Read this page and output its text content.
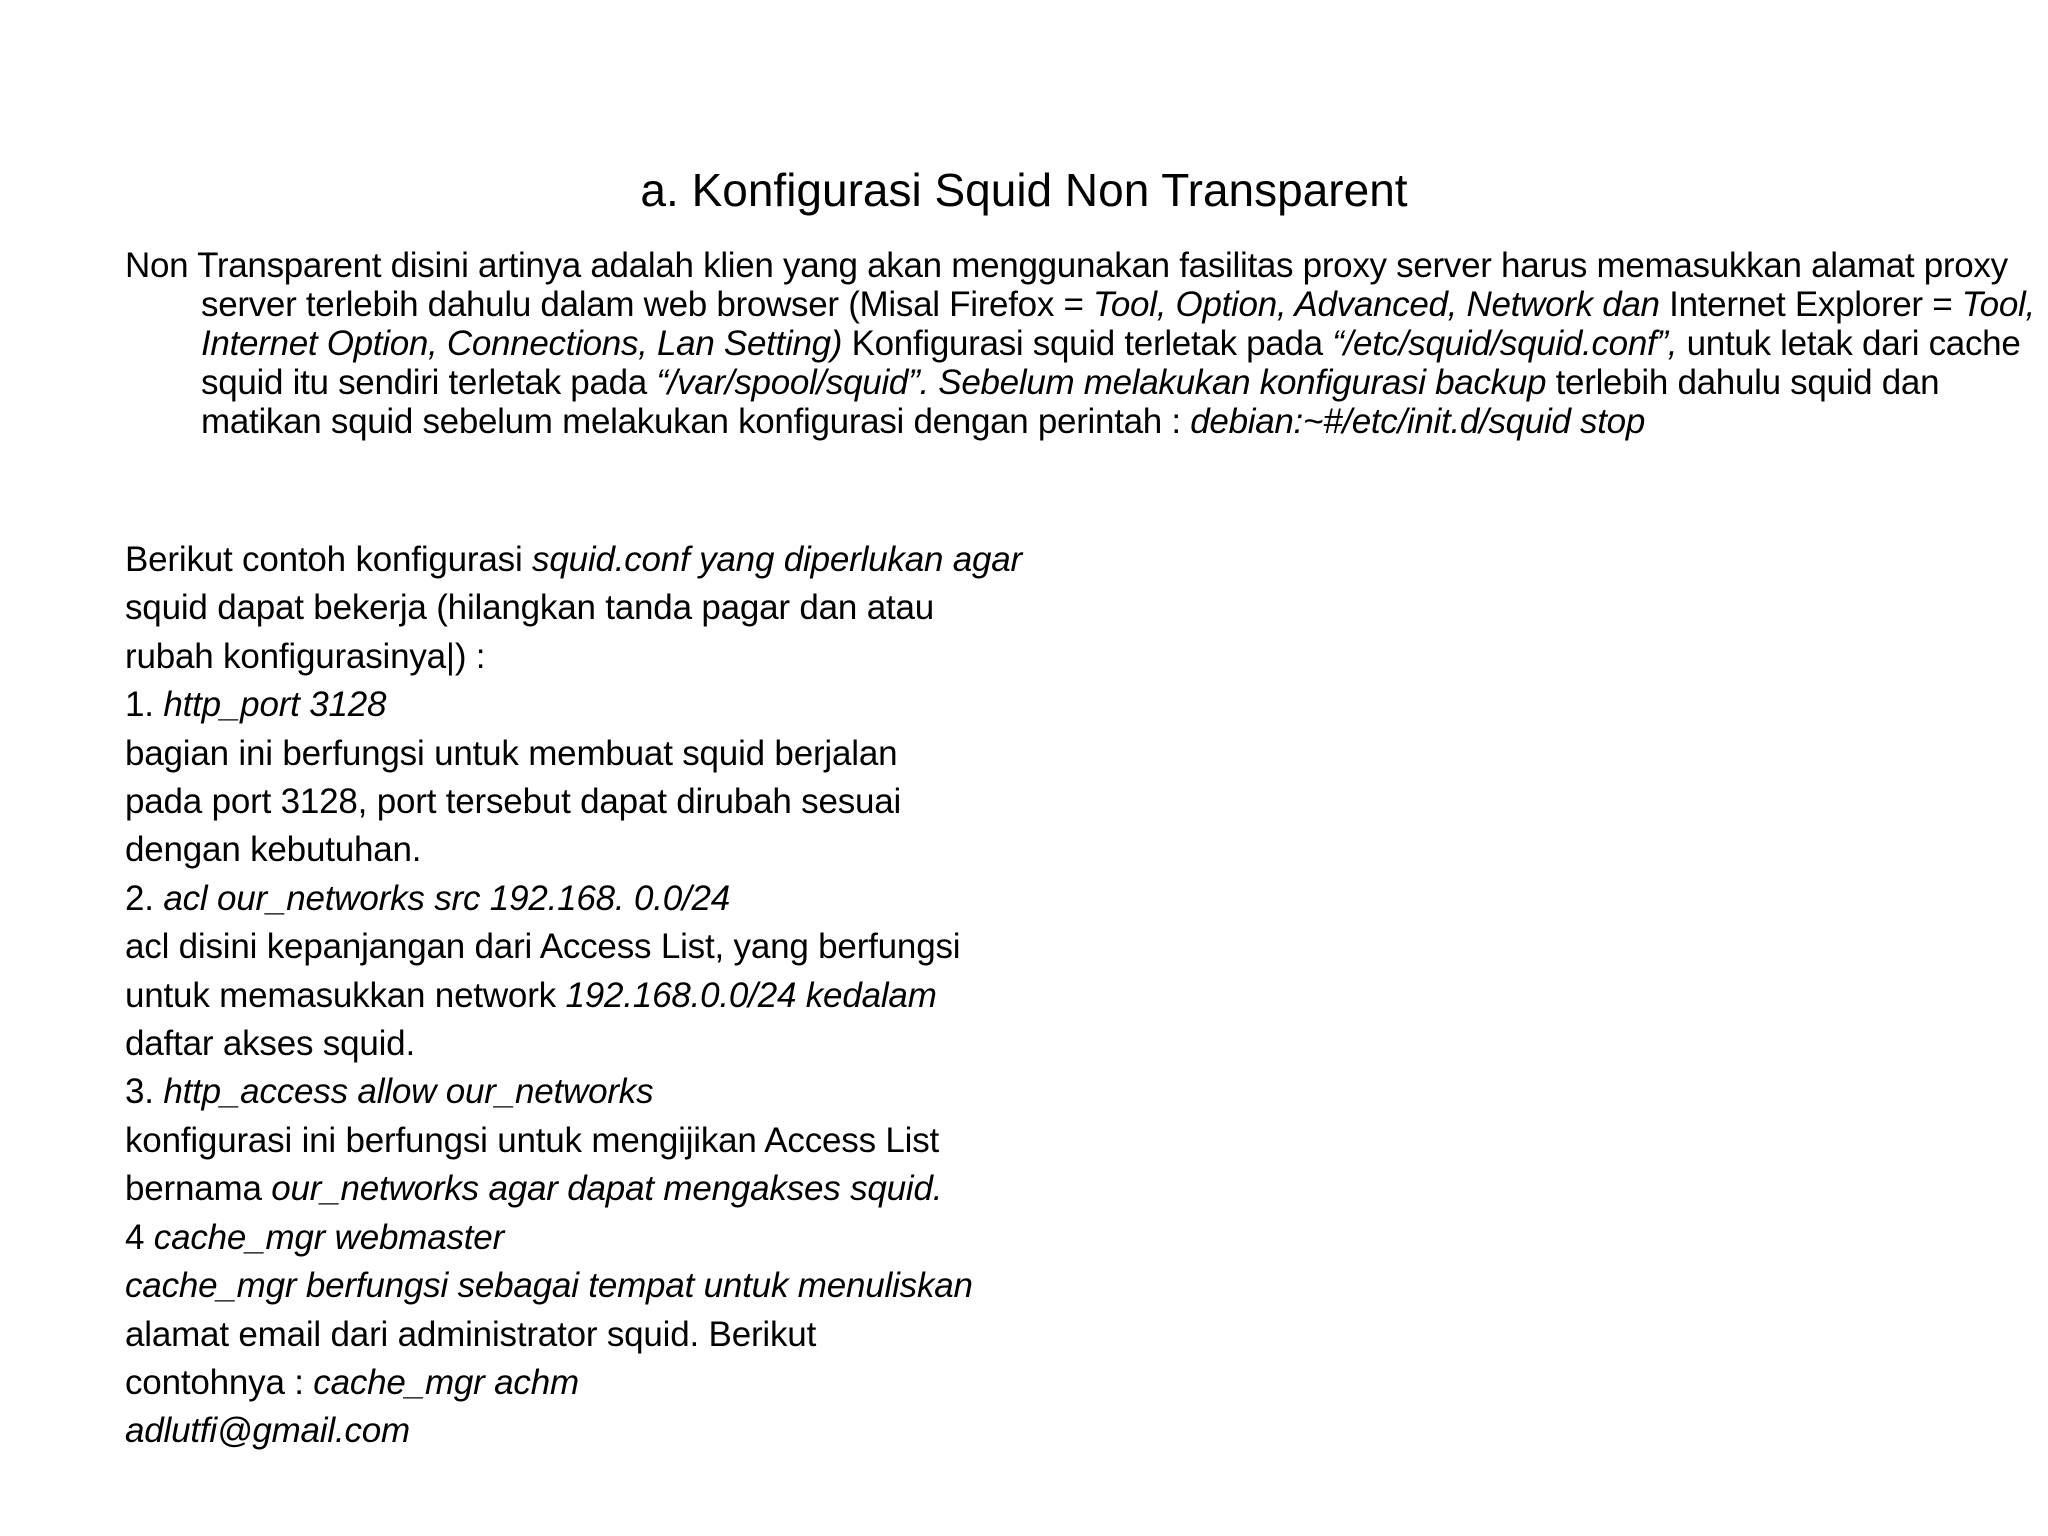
a. Konfigurasi Squid Non Transparent

Non Transparent disini artinya adalah klien yang akan menggunakan fasilitas proxy server harus memasukkan alamat proxy server terlebih dahulu dalam web browser (Misal Firefox = Tool, Option, Advanced, Network dan Internet Explorer = Tool, Internet Option, Connections, Lan Setting) Konfigurasi squid terletak pada “/etc/squid/squid.conf”, untuk letak dari cache squid itu sendiri terletak pada “/var/spool/squid”. Sebelum melakukan konfigurasi backup terlebih dahulu squid dan matikan squid sebelum melakukan konfigurasi dengan perintah : debian:~#/etc/init.d/squid stop

Berikut contoh konfigurasi squid.conf yang diperlukan agar
squid dapat bekerja (hilangkan tanda pagar dan atau
rubah konfigurasinya|) :
1. http_port 3128
bagian ini berfungsi untuk membuat squid berjalan
pada port 3128, port tersebut dapat dirubah sesuai
dengan kebutuhan.
2. acl our_networks src 192.168. 0.0/24
acl disini kepanjangan dari Access List, yang berfungsi
untuk memasukkan network 192.168.0.0/24 kedalam
daftar akses squid.
3. http_access allow our_networks
konfigurasi ini berfungsi untuk mengijikan Access List
bernama our_networks agar dapat mengakses squid.
4 cache_mgr webmaster
cache_mgr berfungsi sebagai tempat untuk menuliskan
alamat email dari administrator squid. Berikut
contohnya : cache_mgr achm
adlutfi@gmail.com
